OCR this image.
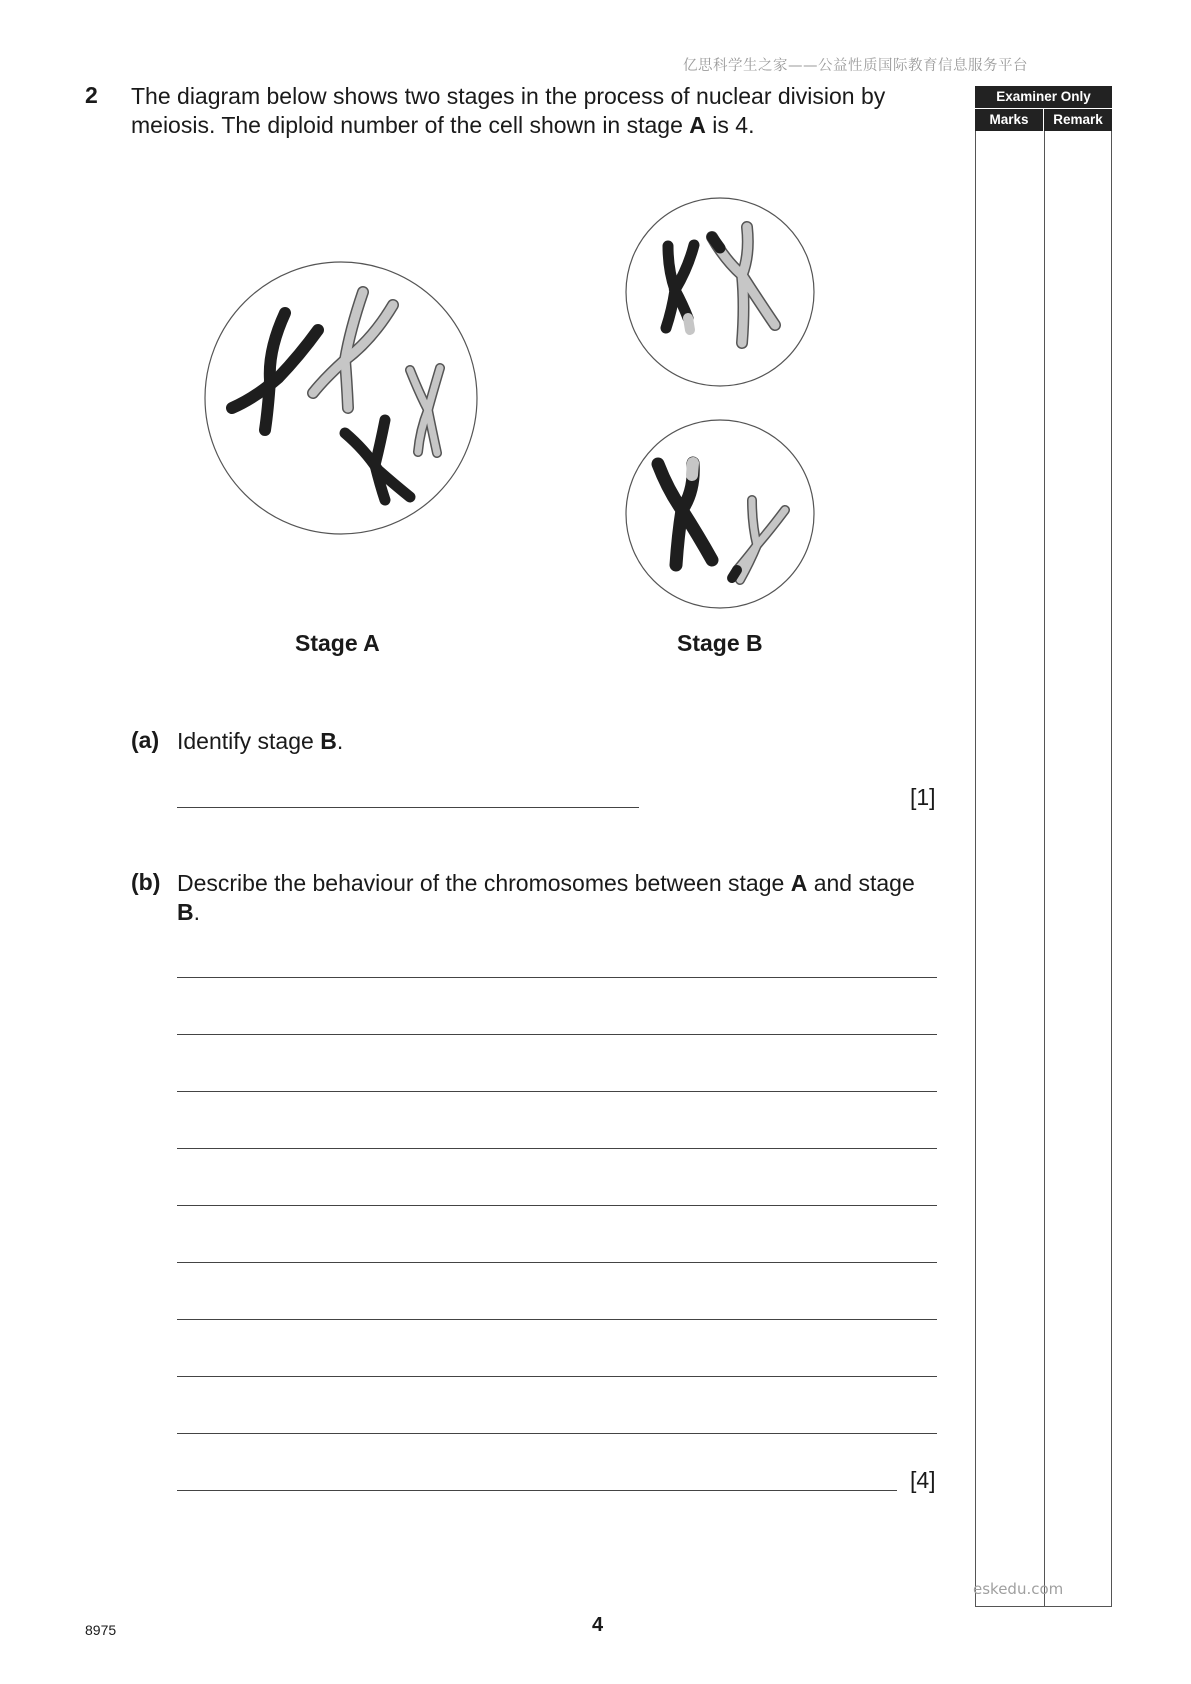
亿思科学生之家——公益性质国际教育信息服务平台
2 The diagram below shows two stages in the process of nuclear division by meiosis. The diploid number of the cell shown in stage A is 4.
Examiner Only
Marks	Remark
Stage A	Stage B
(a) Identify stage B.
[1]
(b) Describe the behaviour of the chromosomes between stage A and stage B.
[4]
eskedu.com
8975	4
